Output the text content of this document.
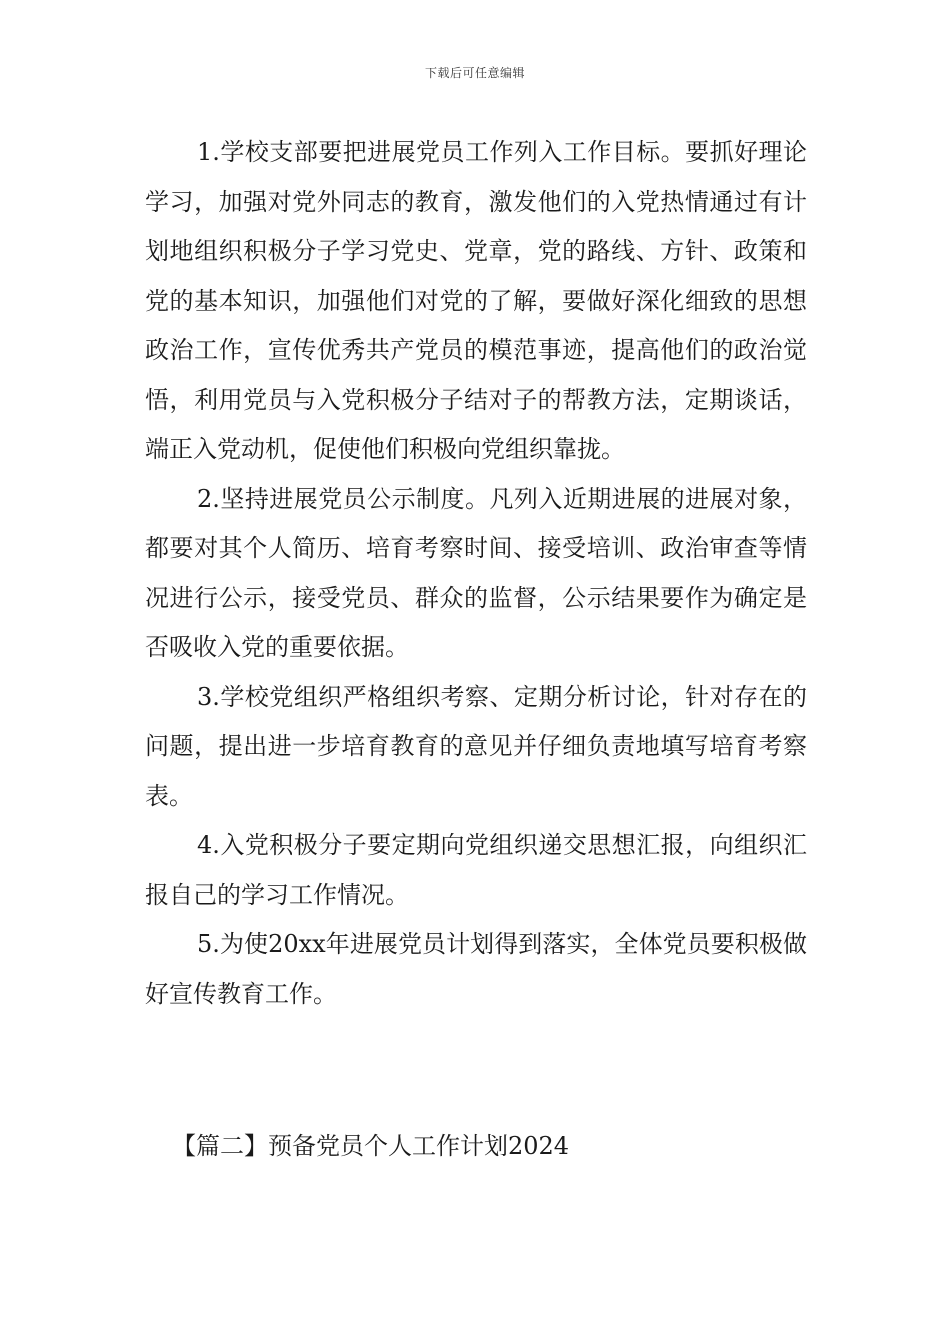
下载后可任意编辑

1.学校支部要把进展党员工作列入工作目标。要抓好理论学习，加强对党外同志的教育，激发他们的入党热情通过有计划地组织积极分子学习党史、党章，党的路线、方针、政策和党的基本知识，加强他们对党的了解，要做好深化细致的思想政治工作，宣传优秀共产党员的模范事迹，提高他们的政治觉悟，利用党员与入党积极分子结对子的帮教方法，定期谈话，端正入党动机，促使他们积极向党组织靠拢。

2.坚持进展党员公示制度。凡列入近期进展的进展对象，都要对其个人简历、培育考察时间、接受培训、政治审查等情况进行公示，接受党员、群众的监督，公示结果要作为确定是否吸收入党的重要依据。

3.学校党组织严格组织考察、定期分析讨论，针对存在的问题，提出进一步培育教育的意见并仔细负责地填写培育考察表。

4.入党积极分子要定期向党组织递交思想汇报，向组织汇报自己的学习工作情况。

5.为使20xx年进展党员计划得到落实，全体党员要积极做好宣传教育工作。

【篇二】预备党员个人工作计划2024
